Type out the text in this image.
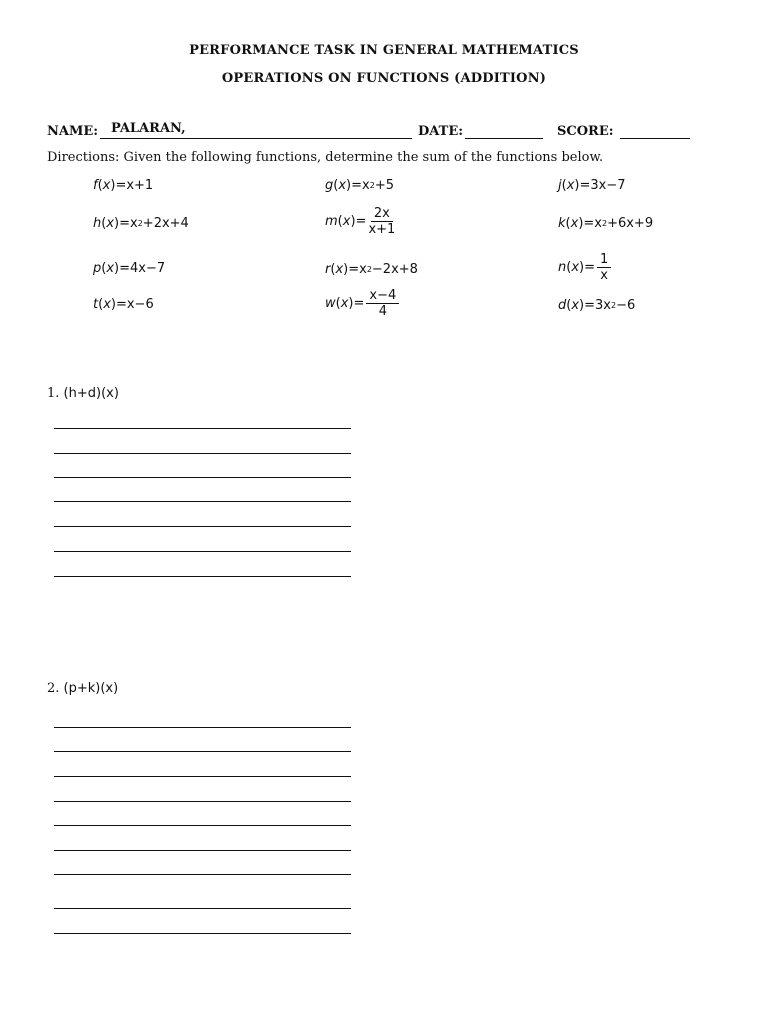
PERFORMANCE TASK IN GENERAL MATHEMATICS
OPERATIONS ON FUNCTIONS (ADDITION)
NAME: PALARAN,	DATE:	SCORE:
Directions: Given the following functions, determine the sum of the functions below.
f ( x ) =x+1	g ( x ) =x 2 +5	j ( x ) =3x−7
h ( x ) =x 2 +2x+4	m ( x ) = $\frac{2x}{x+1}$	k ( x ) =x 2 +6x+9
p ( x ) =4x−7	r ( x ) =x 2 −2x+8	n ( x ) = $\frac{1}{x}$
t ( x ) =x−6	w ( x ) = $\frac{x-4}{4}$	d ( x ) =3x 2 −6
1. (h+d)(x)
2. (p+k)(x)
